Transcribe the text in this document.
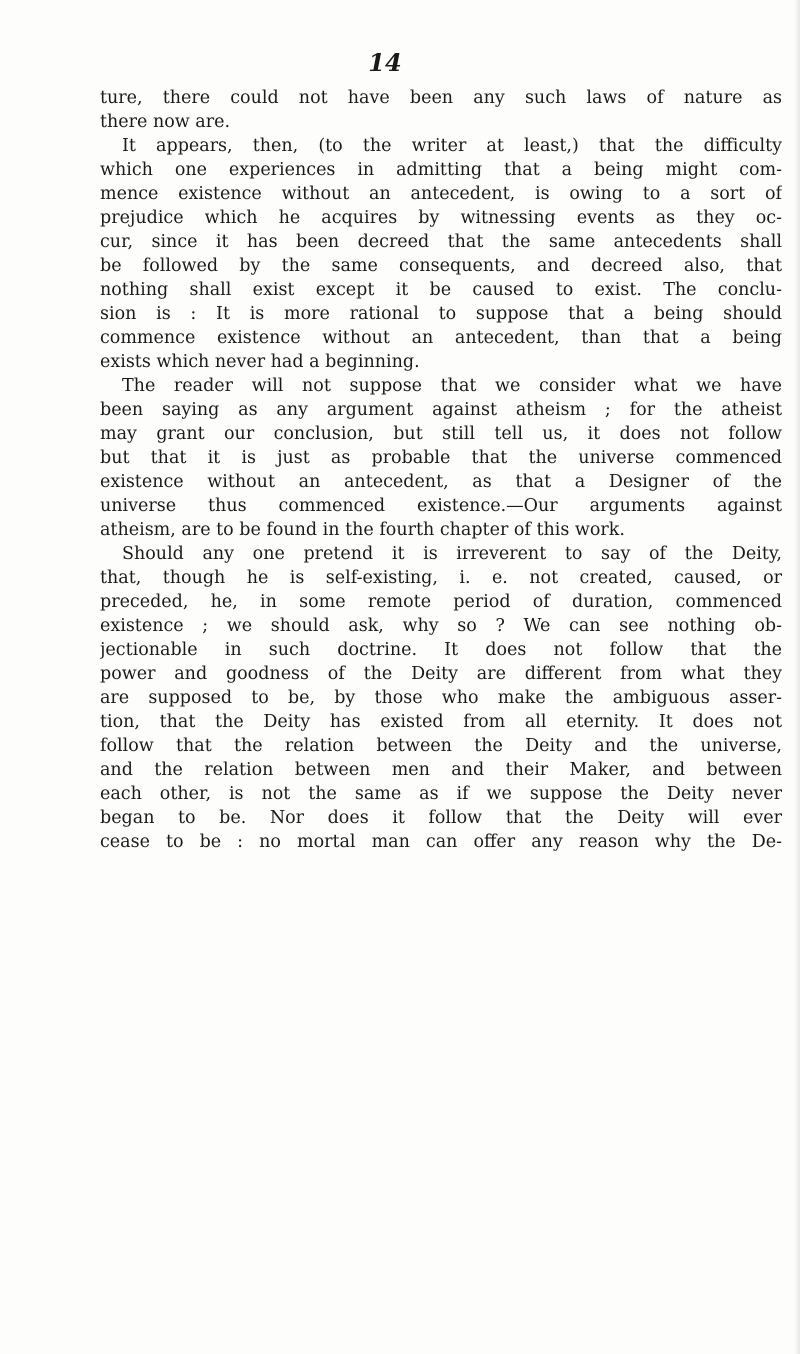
14
ture, there could not have been any such laws of nature as
there now are.
It appears, then, (to the writer at least,) that the difficulty
which one experiences in admitting that a being might com-
mence existence without an antecedent, is owing to a sort of
prejudice which he acquires by witnessing events as they oc-
cur, since it has been decreed that the same antecedents shall
be followed by the same consequents, and decreed also, that
nothing shall exist except it be caused to exist. The conclu-
sion is : It is more rational to suppose that a being should
commence existence without an antecedent, than that a being
exists which never had a beginning.
The reader will not suppose that we consider what we have
been saying as any argument against atheism ; for the atheist
may grant our conclusion, but still tell us, it does not follow
but that it is just as probable that the universe commenced
existence without an antecedent, as that a Designer of the
universe thus commenced existence.—Our arguments against
atheism, are to be found in the fourth chapter of this work.
Should any one pretend it is irreverent to say of the Deity,
that, though he is self-existing, i. e. not created, caused, or
preceded, he, in some remote period of duration, commenced
existence ; we should ask, why so ? We can see nothing ob-
jectionable in such doctrine. It does not follow that the
power and goodness of the Deity are different from what they
are supposed to be, by those who make the ambiguous asser-
tion, that the Deity has existed from all eternity. It does not
follow that the relation between the Deity and the universe,
and the relation between men and their Maker, and between
each other, is not the same as if we suppose the Deity never
began to be. Nor does it follow that the Deity will ever
cease to be : no mortal man can offer any reason why the De-
